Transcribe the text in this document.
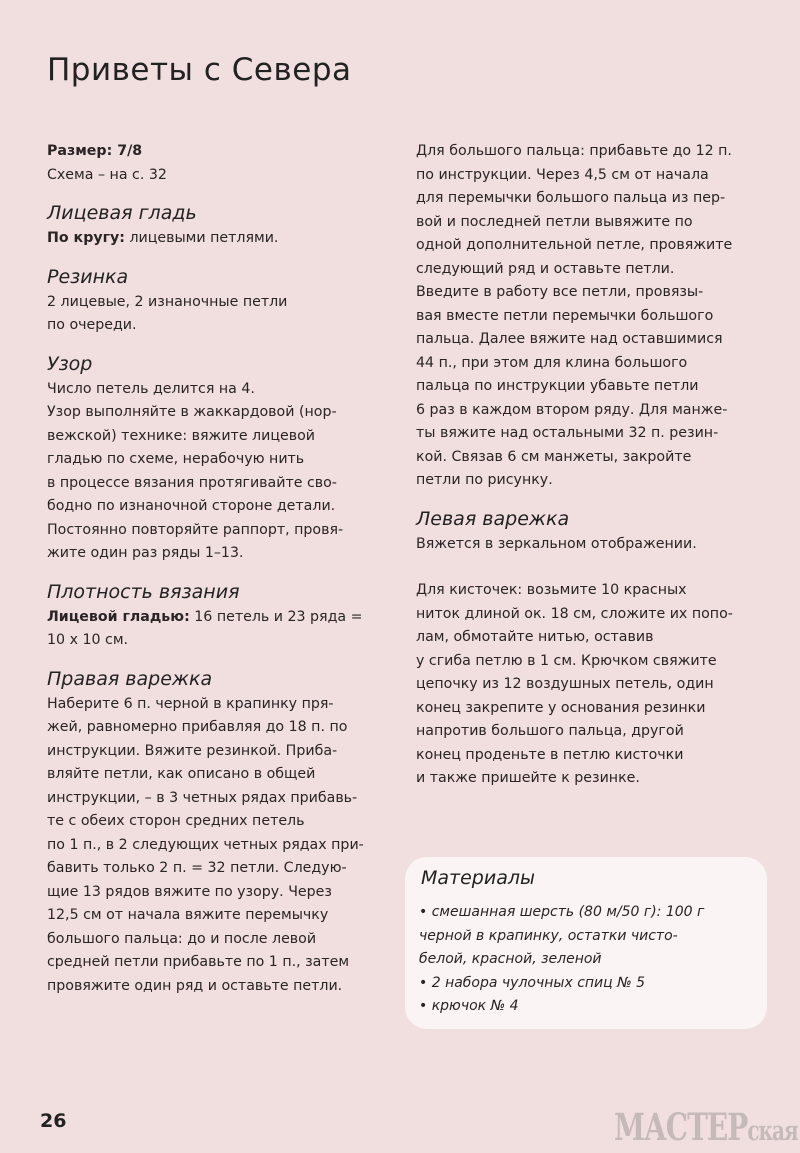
Приветы с Севера
Размер: 7/8
Схема – на с. 32
Лицевая гладь
По кругу: лицевыми петлями.
Резинка
2 лицевые, 2 изнаночные петли
по очереди.
Узор
Число петель делится на 4.
Узор выполняйте в жаккардовой (нор-
вежской) технике: вяжите лицевой
гладью по схеме, нерабочую нить
в процессе вязания протягивайте сво-
бодно по изнаночной стороне детали.
Постоянно повторяйте раппорт, провя-
жите один раз ряды 1–13.
Плотность вязания
Лицевой гладью: 16 петель и 23 ряда =
10 x 10 см.
Правая варежка
Наберите 6 п. черной в крапинку пря-
жей, равномерно прибавляя до 18 п. по
инструкции. Вяжите резинкой. Приба-
вляйте петли, как описано в общей
инструкции, – в 3 четных рядах прибавь-
те с обеих сторон средних петель
по 1 п., в 2 следующих четных рядах при-
бавить только 2 п. = 32 петли. Следую-
щие 13 рядов вяжите по узору. Через
12,5 см от начала вяжите перемычку
большого пальца: до и после левой
средней петли прибавьте по 1 п., затем
провяжите один ряд и оставьте петли.
Для большого пальца: прибавьте до 12 п.
по инструкции. Через 4,5 см от начала
для перемычки большого пальца из пер-
вой и последней петли вывяжите по
одной дополнительной петле, провяжите
следующий ряд и оставьте петли.
Введите в работу все петли, провязы-
вая вместе петли перемычки большого
пальца. Далее вяжите над оставшимися
44 п., при этом для клина большого
пальца по инструкции убавьте петли
6 раз в каждом втором ряду. Для манже-
ты вяжите над остальными 32 п. резин-
кой. Связав 6 см манжеты, закройте
петли по рисунку.
Левая варежка
Вяжется в зеркальном отображении.
Для кисточек: возьмите 10 красных
ниток длиной ок. 18 см, сложите их попо-
лам, обмотайте нитью, оставив
у сгиба петлю в 1 см. Крючком свяжите
цепочку из 12 воздушных петель, один
конец закрепите у основания резинки
напротив большого пальца, другой
конец проденьте в петлю кисточки
и также пришейте к резинке.
Материалы
• смешанная шерсть (80 м/50 г): 100 г
черной в крапинку, остатки чисто-
белой, красной, зеленой
• 2 набора чулочных спиц № 5
• крючок № 4
26	МАСТЕРская
